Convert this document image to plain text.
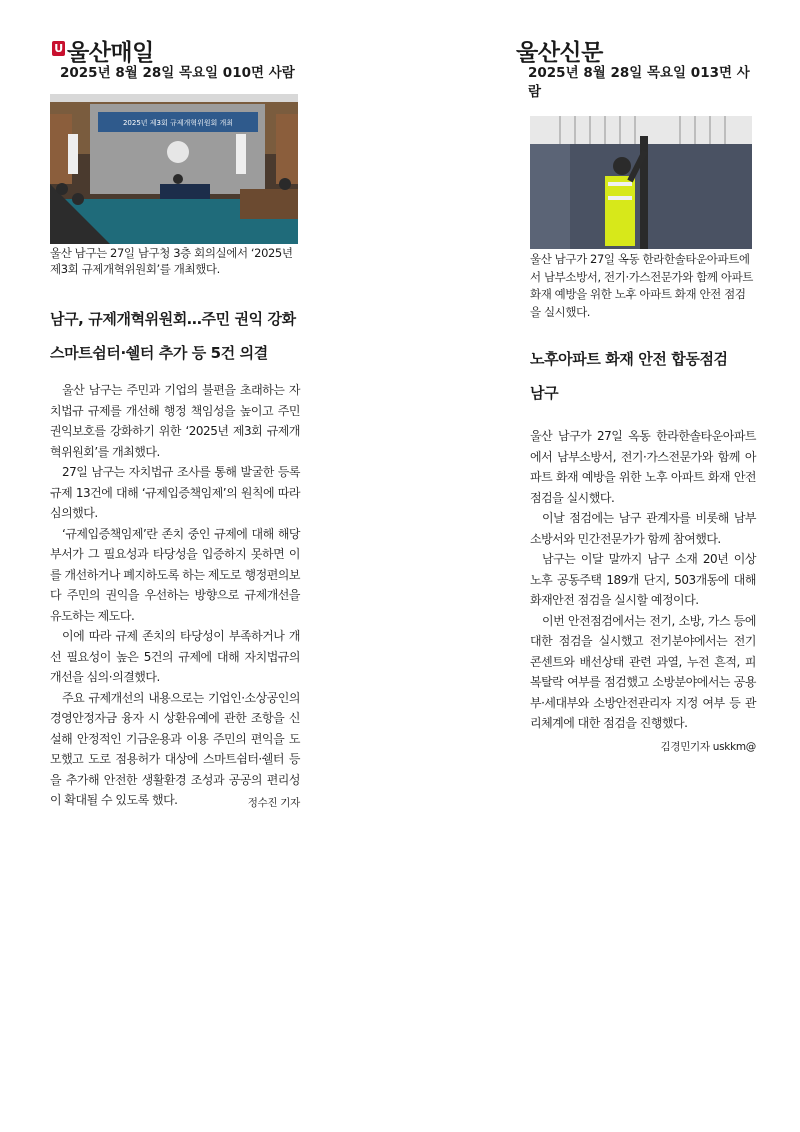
U 울산매일
2025년 8월 28일 목요일 010면 사람
2025년 제3회 규제개혁위원회 개최
울산 남구는 27일 남구청 3층 회의실에서 ‘2025년 제3회 규제개혁위원회’를 개최했다.
남구, 규제개혁위원회…주민 권익 강화
스마트쉼터·쉘터 추가 등 5건 의결

울산 남구는 주민과 기업의 불편을 초래하는 자치법규 규제를 개선해 행정 책임성을 높이고 주민 권익보호를 강화하기 위한 ‘2025년 제3회 규제개혁위원회’를 개최했다.

27일 남구는 자치법규 조사를 통해 발굴한 등록규제 13건에 대해 ‘규제입증책임제’의 원칙에 따라 심의했다.

‘규제입증책임제’란 존치 중인 규제에 대해 해당 부서가 그 필요성과 타당성을 입증하지 못하면 이를 개선하거나 폐지하도록 하는 제도로 행정편의보다 주민의 권익을 우선하는 방향으로 규제개선을 유도하는 제도다.

이에 따라 규제 존치의 타당성이 부족하거나 개선 필요성이 높은 5건의 규제에 대해 자치법규의 개선을 심의·의결했다.

주요 규제개선의 내용으로는 기업인·소상공인의 경영안정자금 융자 시 상환유예에 관한 조항을 신설해 안정적인 기금운용과 이용 주민의 편익을 도모했고 도로 점용허가 대상에 스마트쉼터·쉘터 등을 추가해 안전한 생활환경 조성과 공공의 편리성이 확대될 수 있도록 했다.	정수진 기자

울산신문
2025년 8월 28일 목요일 013면 사람
울산 남구가 27일 옥동 한라한솔타운아파트에서 남부소방서, 전기·가스전문가와 함께 아파트 화재 예방을 위한 노후 아파트 화재 안전 점검을 실시했다.
노후아파트 화재 안전 합동점검
남구

울산 남구가 27일 옥동 한라한솔타운아파트에서 남부소방서, 전기·가스전문가와 함께 아파트 화재 예방을 위한 노후 아파트 화재 안전 점검을 실시했다.

이날 점검에는 남구 관계자를 비롯해 남부소방서와 민간전문가가 함께 참여했다.

남구는 이달 말까지 남구 소재 20년 이상 노후 공동주택 189개 단지, 503개동에 대해 화재안전 점검을 실시할 예정이다.

이번 안전점검에서는 전기, 소방, 가스 등에 대한 점검을 실시했고 전기분야에서는 전기 콘센트와 배선상태 관련 과열, 누전 흔적, 피복탈락 여부를 점검했고 소방분야에서는 공용부·세대부와 소방안전관리자 지정 여부 등 관리체계에 대한 점검을 진행했다.
김경민기자 uskkm@
